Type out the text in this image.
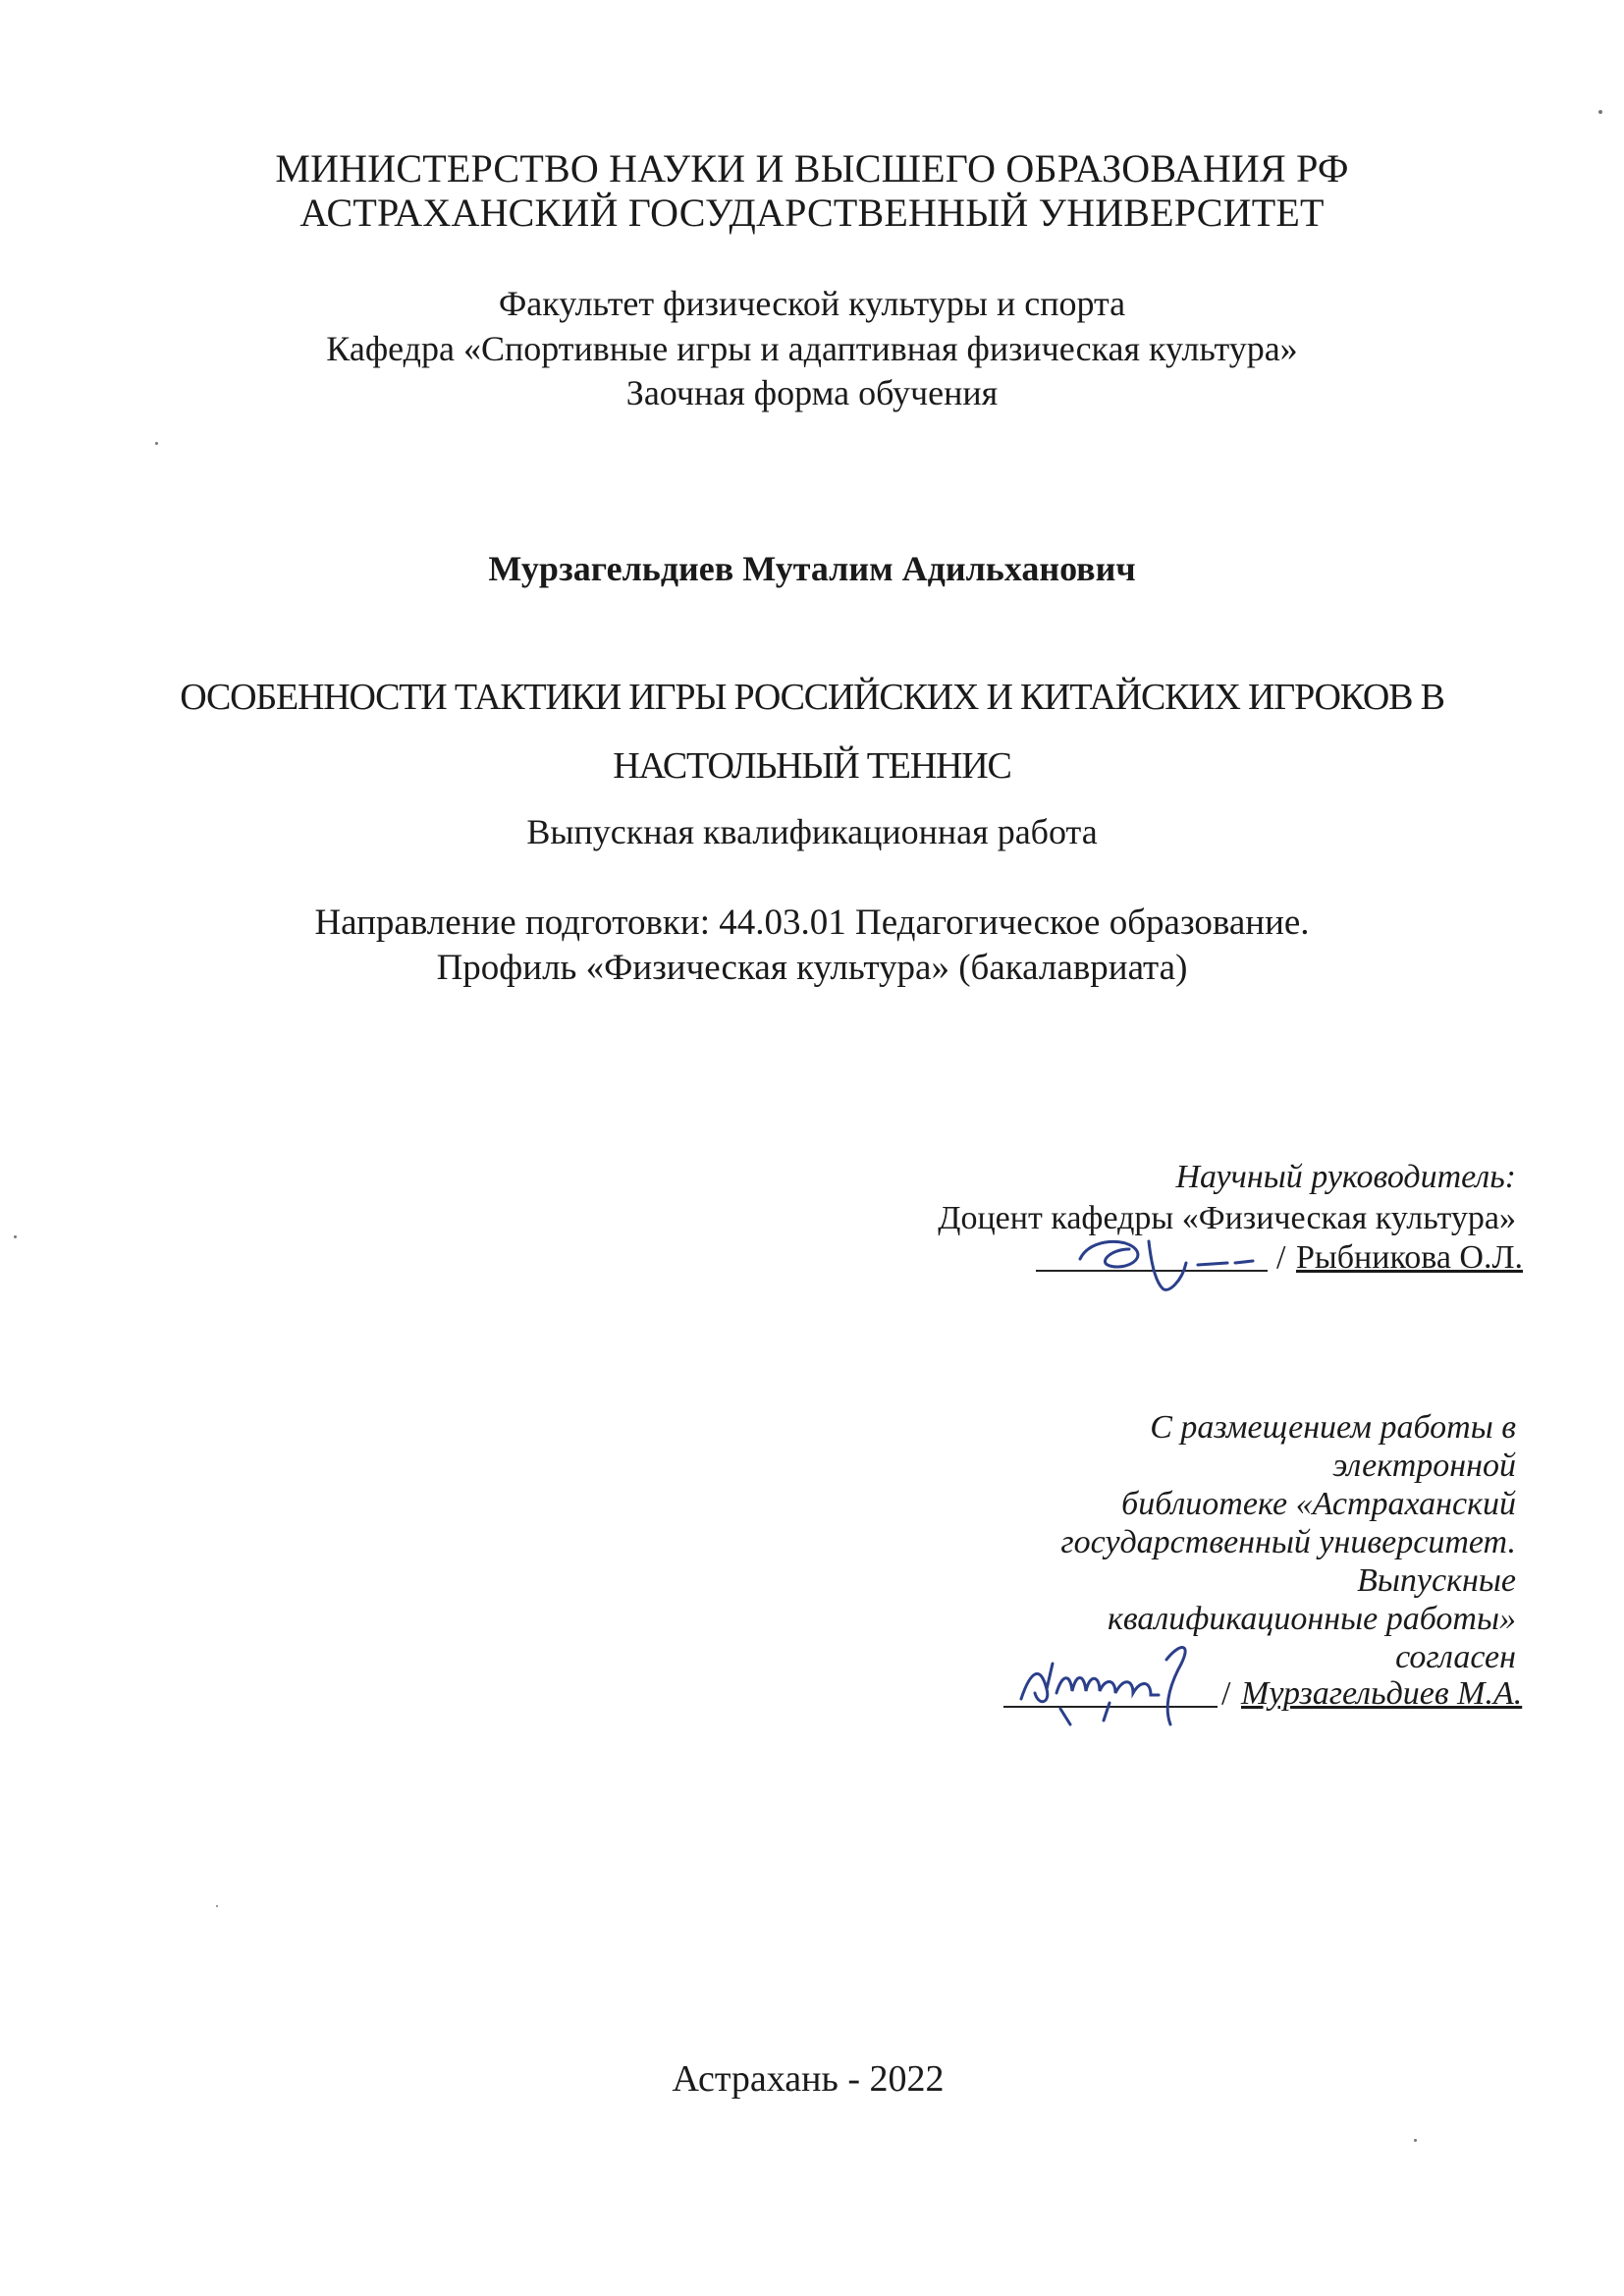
МИНИСТЕРСТВО НАУКИ И ВЫСШЕГО ОБРАЗОВАНИЯ РФ
АСТРАХАНСКИЙ ГОСУДАРСТВЕННЫЙ УНИВЕРСИТЕТ
Факультет физической культуры и спорта
Кафедра «Спортивные игры и адаптивная физическая культура»
Заочная форма обучения
Мурзагельдиев Муталим Адильханович
ОСОБЕННОСТИ ТАКТИКИ ИГРЫ РОССИЙСКИХ И КИТАЙСКИХ ИГРОКОВ В
НАСТОЛЬНЫЙ ТЕННИС
Выпускная квалификационная работа
Направление подготовки: 44.03.01 Педагогическое образование.
Профиль «Физическая культура» (бакалавриата)
Научный руководитель:
Доцент кафедры «Физическая культура»
/ Рыбникова О.Л.
С размещением работы в
электронной
библиотеке «Астраханский
государственный университет.
Выпускные
квалификационные работы»
согласен
/ Мурзагельдиев М.А.
Астрахань - 2022
